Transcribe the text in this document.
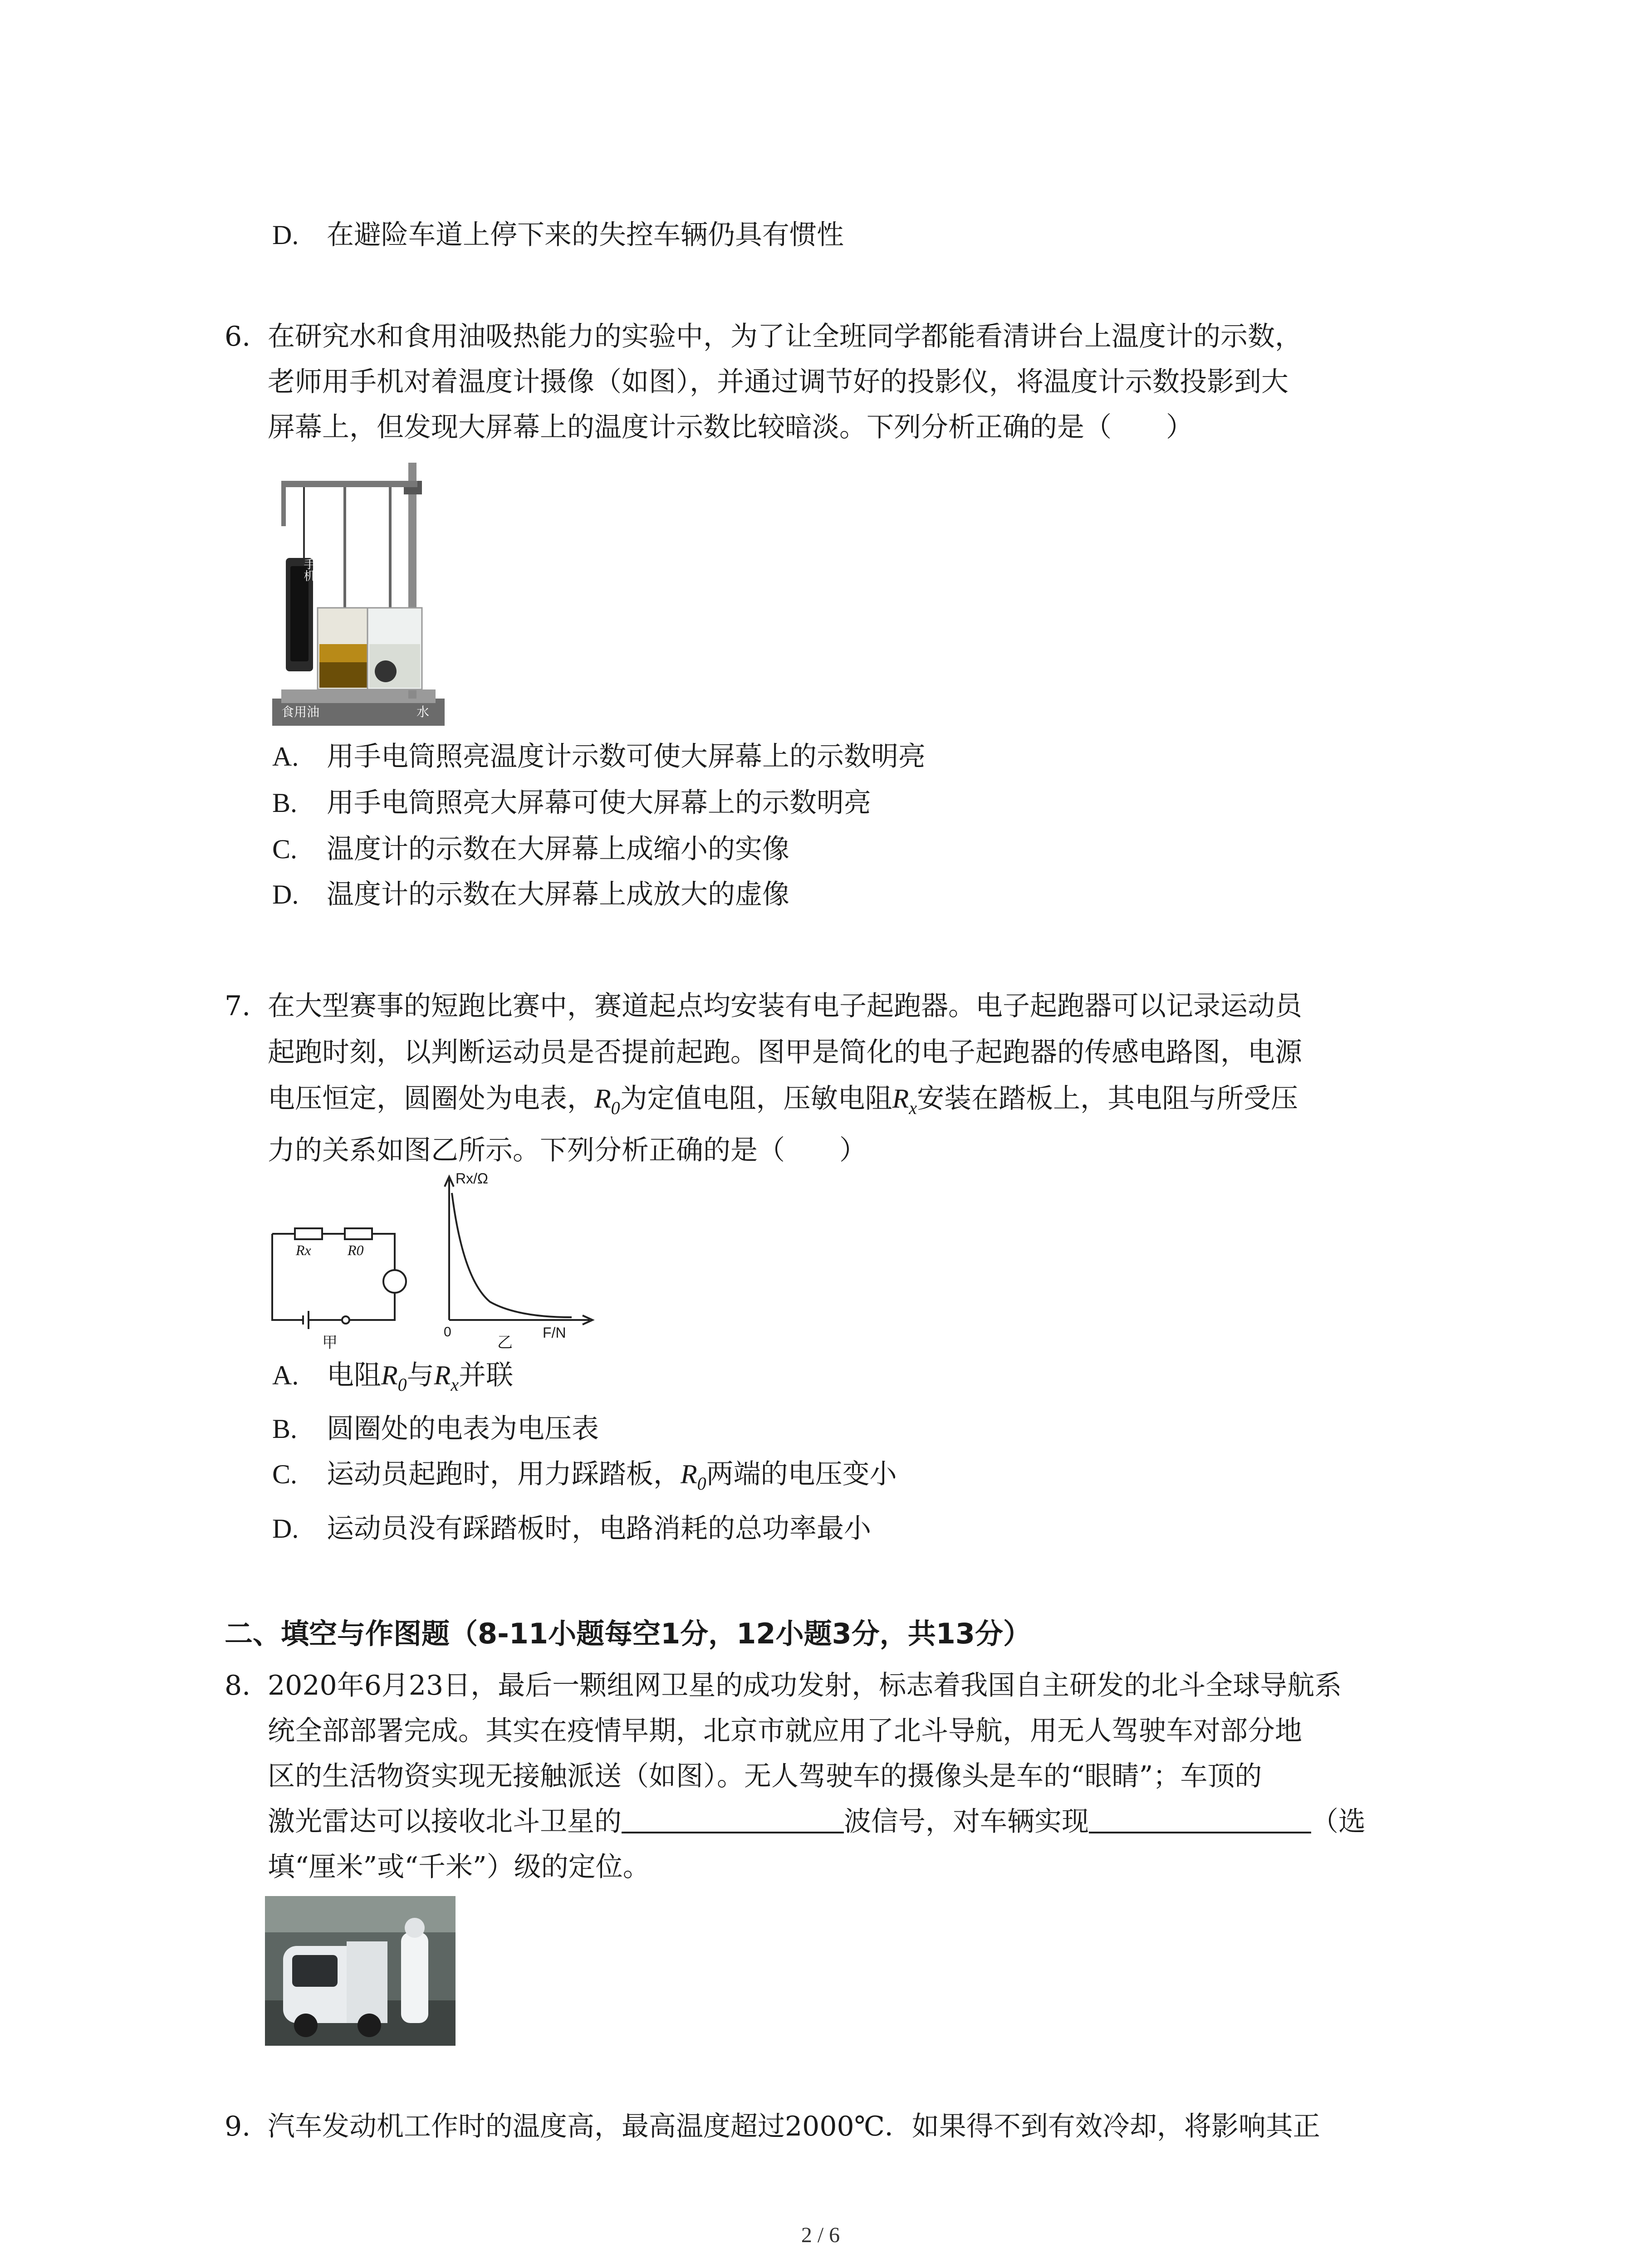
D. 在避险车道上停下来的失控车辆仍具有惯性
6. 在研究水和食用油吸热能力的实验中，为了让全班同学都能看清讲台上温度计的示数，
老师用手机对着温度计摄像（如图），并通过调节好的投影仪，将温度计示数投影到大
屏幕上，但发现大屏幕上的温度计示数比较暗淡。下列分析正确的是（　　）
手机
食用油	水
A. 用手电筒照亮温度计示数可使大屏幕上的示数明亮
B. 用手电筒照亮大屏幕可使大屏幕上的示数明亮
C. 温度计的示数在大屏幕上成缩小的实像
D. 温度计的示数在大屏幕上成放大的虚像
7. 在大型赛事的短跑比赛中，赛道起点均安装有电子起跑器。电子起跑器可以记录运动员
起跑时刻，以判断运动员是否提前起跑。图甲是简化的电子起跑器的传感电路图，电源
电压恒定，圆圈处为电表，$R_0$为定值电阻，压敏电阻$R_x$安装在踏板上，其电阻与所受压
力的关系如图乙所示。下列分析正确的是（　　）
Rx	R0
甲
Rx/Ω
F/N
0
乙
A. 电阻$R_0$与$R_x$并联
B. 圆圈处的电表为电压表
C. 运动员起跑时，用力踩踏板，$R_0$两端的电压变小
D. 运动员没有踩踏板时，电路消耗的总功率最小
二、填空与作图题（8-11小题每空1分，12小题3分，共13分）
8. 2020年6月23日，最后一颗组网卫星的成功发射，标志着我国自主研发的北斗全球导航系
统全部部署完成。其实在疫情早期，北京市就应用了北斗导航，用无人驾驶车对部分地
区的生活物资实现无接触派送（如图）。无人驾驶车的摄像头是车的“眼睛”；车顶的
激光雷达可以接收北斗卫星的	波信号，对车辆实现	（选
填“厘米”或“千米”）级的定位。
9. 汽车发动机工作时的温度高，最高温度超过2000℃．如果得不到有效冷却，将影响其正
2 / 6
